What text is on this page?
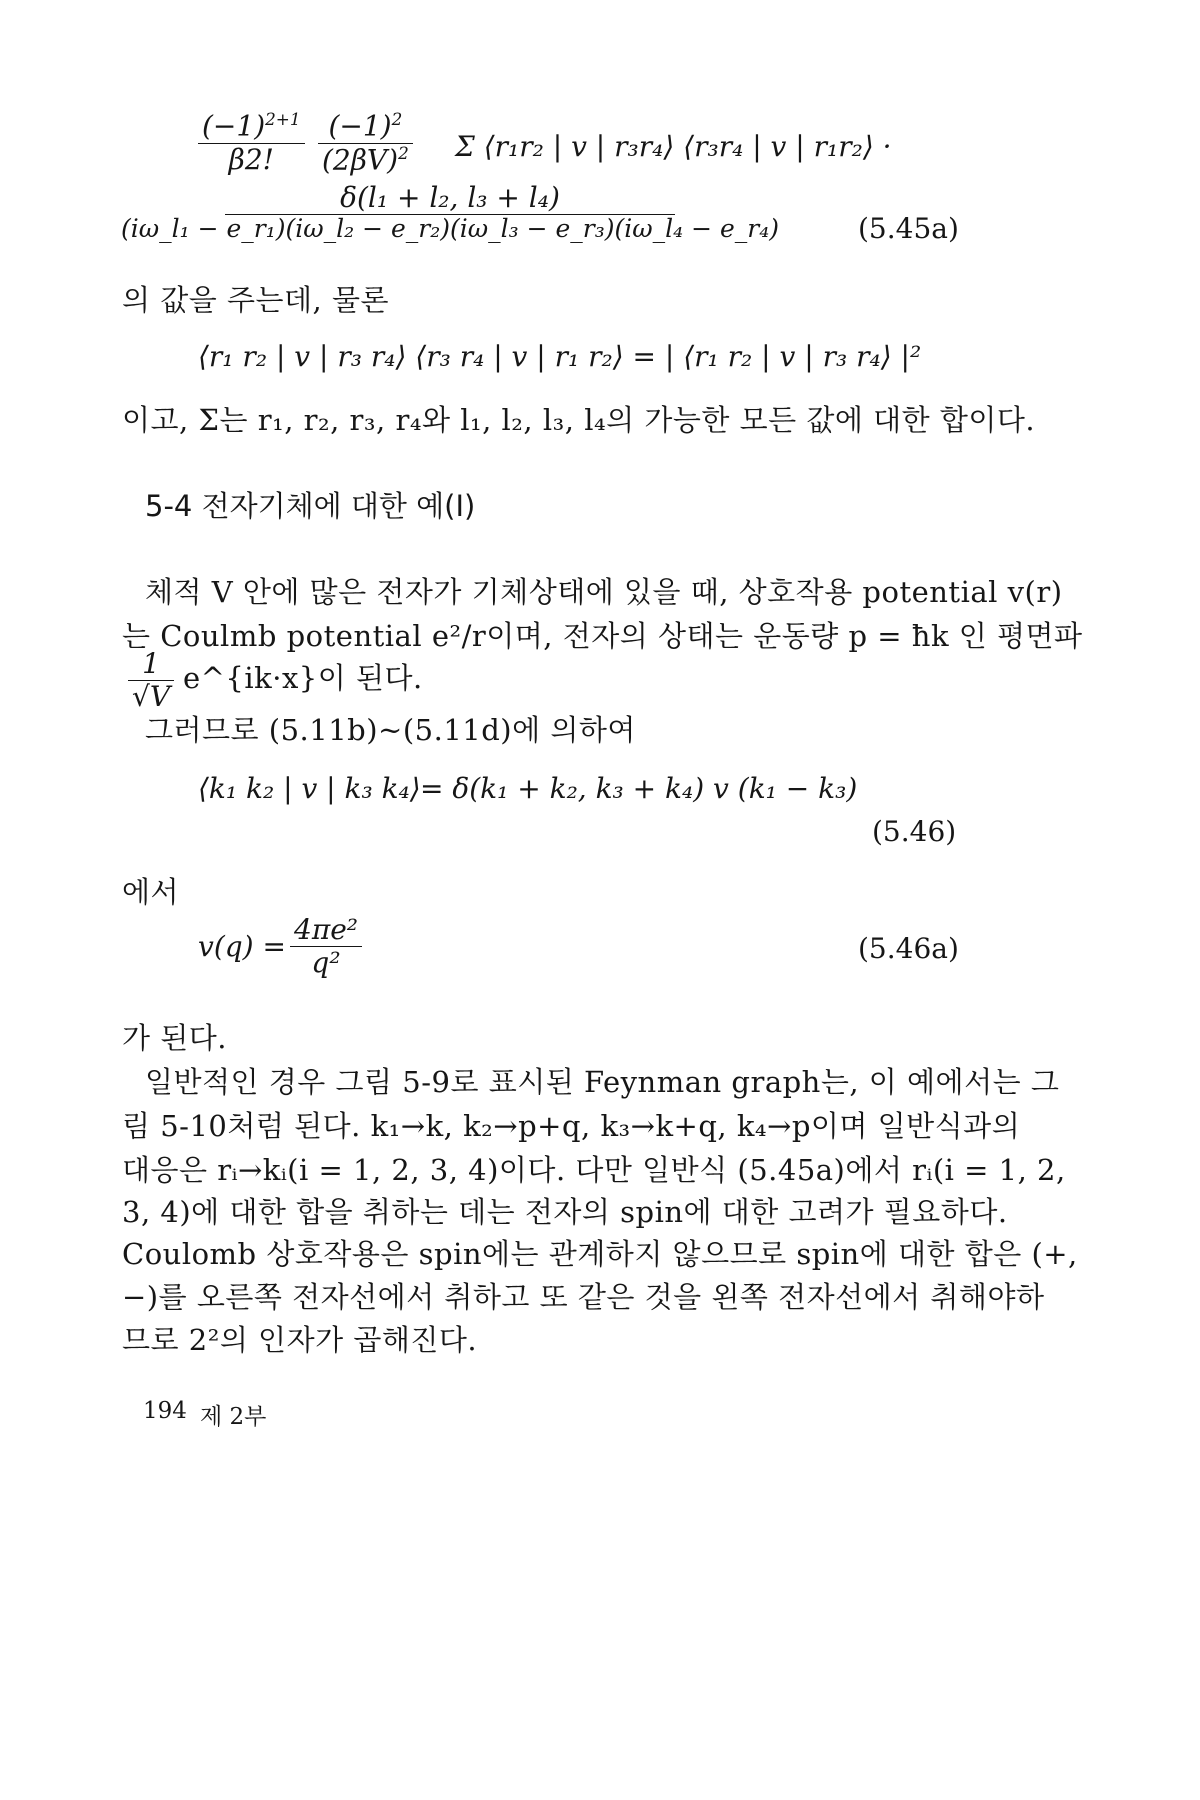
$\frac{(-1)^{2+1}}{\beta 2!} \frac{(-1)^2}{(2\beta V)^2}$ Σ ⟨r₁r₂ | v | r₃r₄⟩ ⟨r₃r₄ | v | r₁r₂⟩ ·
δ(l₁ + l₂, l₃ + l₄)
(iω_l₁ − e_r₁)(iω_l₂ − e_r₂)(iω_l₃ − e_r₃)(iω_l₄ − e_r₄)	(5.45a)
의 값을 주는데, 물론
⟨r₁ r₂ | v | r₃ r₄⟩ ⟨r₃ r₄ | v | r₁ r₂⟩ = | ⟨r₁ r₂ | v | r₃ r₄⟩ |²
이고, Σ는 r₁, r₂, r₃, r₄와 l₁, l₂, l₃, l₄의 가능한 모든 값에 대한 합이다.
5-4 전자기체에 대한 예(I)
체적 V 안에 많은 전자가 기체상태에 있을 때, 상호작용 potential v(r)
는 Coulmb potential e²/r이며, 전자의 상태는 운동량 p = ħk 인 평면파
$\frac{1}{√V}$ e^{ik·x}이 된다.
그러므로 (5.11b)~(5.11d)에 의하여
⟨k₁ k₂ | v | k₃ k₄⟩ = δ(k₁ + k₂, k₃ + k₄) v (k₁ − k₃)
(5.46)
에서
$v(q) = \frac{\text{4πe²}}{\text{q²}}$	(5.46a)
가 된다.
일반적인 경우 그림 5-9로 표시된 Feynman graph는, 이 예에서는 그
림 5-10처럼 된다. k₁→k, k₂→p+q, k₃→k+q, k₄→p이며 일반식과의
대응은 rᵢ→kᵢ(i = 1, 2, 3, 4)이다. 다만 일반식 (5.45a)에서 rᵢ(i = 1, 2,
3, 4)에 대한 합을 취하는 데는 전자의 spin에 대한 고려가 필요하다.
Coulomb 상호작용은 spin에는 관계하지 않으므로 spin에 대한 합은 (+,
−)를 오른쪽 전자선에서 취하고 또 같은 것을 왼쪽 전자선에서 취해야하
므로 2²의 인자가 곱해진다.
194 제 2부
